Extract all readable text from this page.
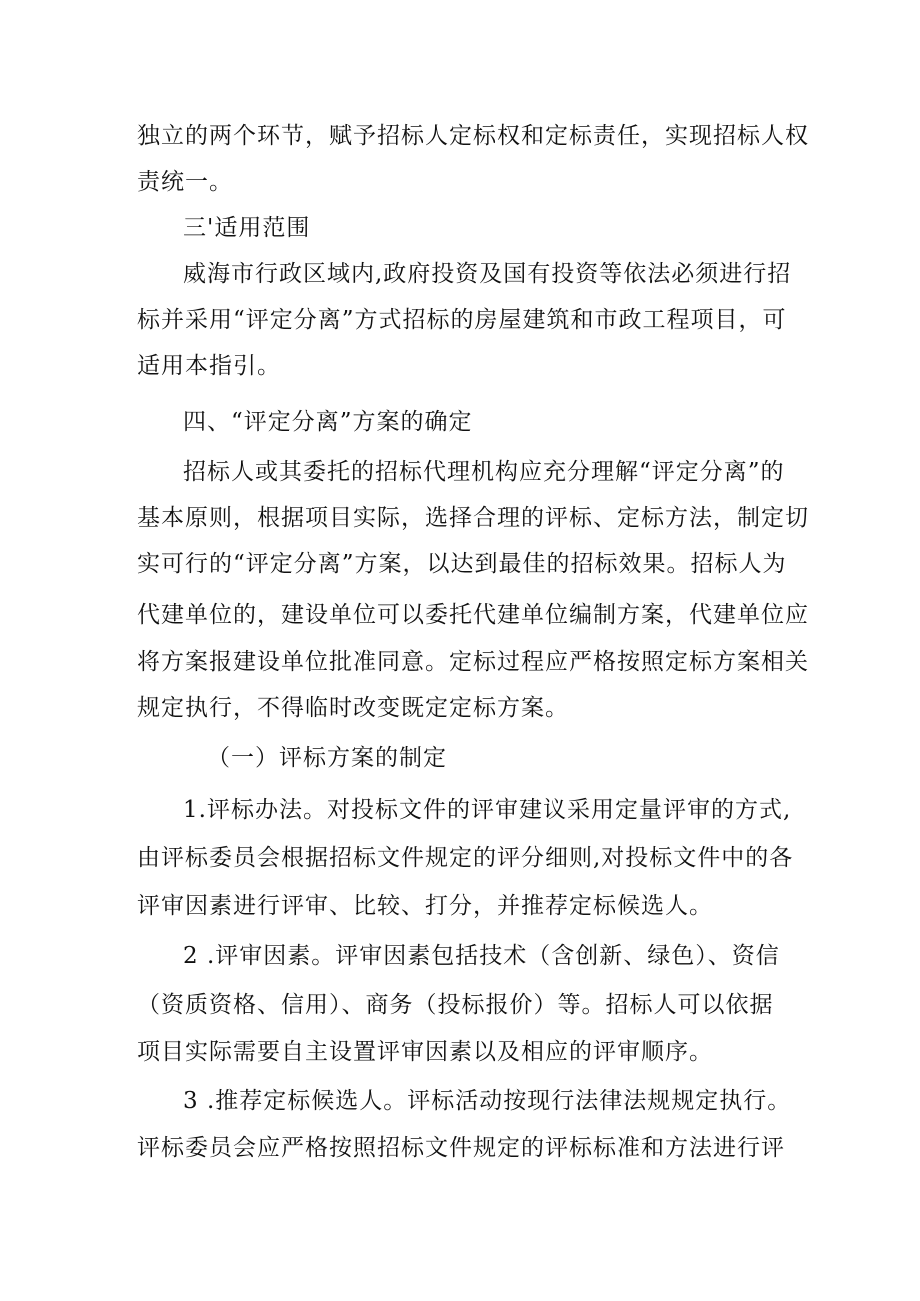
独立的两个环节，赋予招标人定标权和定标责任，实现招标人权
责统一。
三'适用范围
威海市行政区域内,政府投资及国有投资等依法必须进行招
标并采用“评定分离”方式招标的房屋建筑和市政工程项目，可
适用本指引。
四、“评定分离”方案的确定
招标人或其委托的招标代理机构应充分理解“评定分离”的
基本原则，根据项目实际，选择合理的评标、定标方法，制定切
实可行的“评定分离”方案，以达到最佳的招标效果。招标人为
代建单位的，建设单位可以委托代建单位编制方案，代建单位应
将方案报建设单位批准同意。定标过程应严格按照定标方案相关
规定执行，不得临时改变既定定标方案。
（一）评标方案的制定
1.评标办法。对投标文件的评审建议采用定量评审的方式,
由评标委员会根据招标文件规定的评分细则,对投标文件中的各
评审因素进行评审、比较、打分，并推荐定标候选人。
2 .评审因素。评审因素包括技术（含创新、绿色）、资信
（资质资格、信用）、商务（投标报价）等。招标人可以依据
项目实际需要自主设置评审因素以及相应的评审顺序。
3 .推荐定标候选人。评标活动按现行法律法规规定执行。
评标委员会应严格按照招标文件规定的评标标准和方法进行评
